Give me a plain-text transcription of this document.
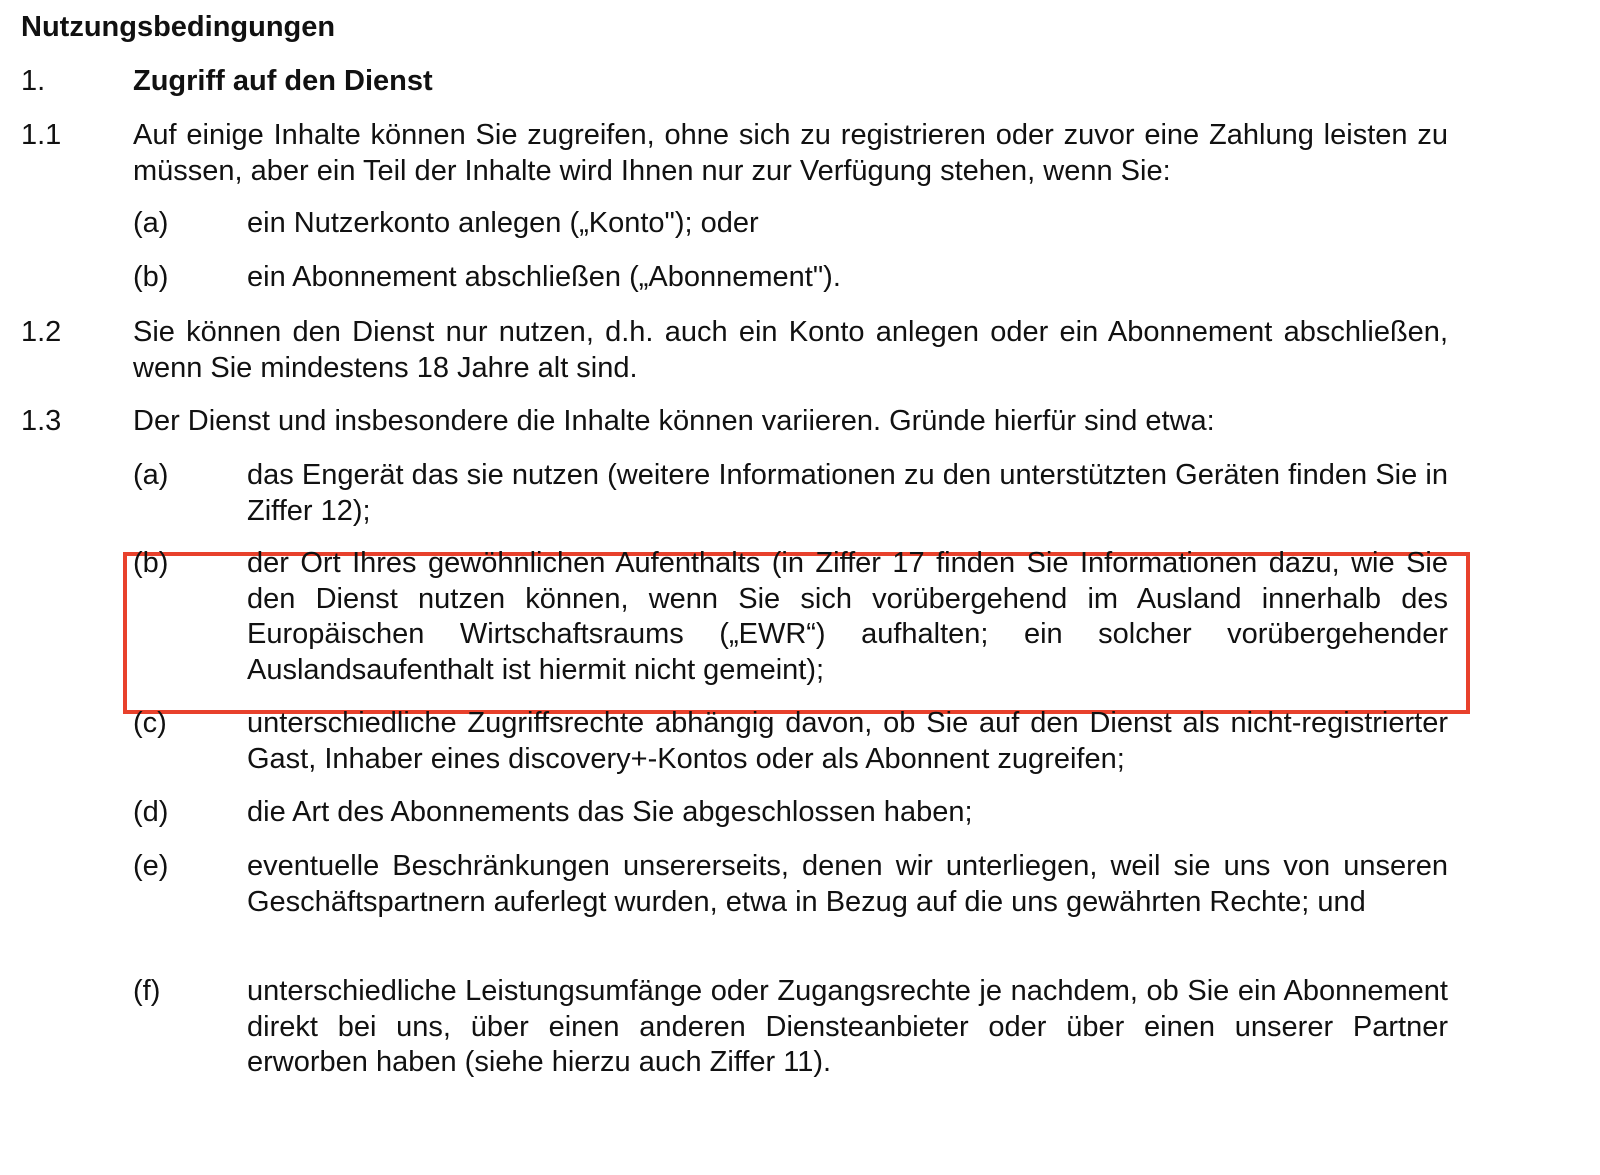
Nutzungsbedingungen
1.	Zugriff auf den Dienst
1.1 Auf einige Inhalte können Sie zugreifen, ohne sich zu registrieren oder zuvor eine Zahlung leisten zu müssen, aber ein Teil der Inhalte wird Ihnen nur zur Verfügung stehen, wenn Sie:
(a)	ein Nutzerkonto anlegen („Konto"); oder
(b)	ein Abonnement abschließen („Abonnement").
1.2 Sie können den Dienst nur nutzen, d.h. auch ein Konto anlegen oder ein Abonnement abschließen, wenn Sie mindestens 18 Jahre alt sind.
1.3 Der Dienst und insbesondere die Inhalte können variieren. Gründe hierfür sind etwa:
(a)	das Engerät das sie nutzen (weitere Informationen zu den unterstützten Geräten finden Sie in Ziffer 12);
(b)	der Ort Ihres gewöhnlichen Aufenthalts (in Ziffer 17 finden Sie Informationen dazu, wie Sie den Dienst nutzen können, wenn Sie sich vorübergehend im Ausland innerhalb des Europäischen Wirtschaftsraums („EWR“) aufhalten; ein solcher vorübergehender Auslandsaufenthalt ist hiermit nicht gemeint);
(c)	unterschiedliche Zugriffsrechte abhängig davon, ob Sie auf den Dienst als nicht-registrierter Gast, Inhaber eines discovery+-Kontos oder als Abonnent zugreifen;
(d)	die Art des Abonnements das Sie abgeschlossen haben;
(e)	eventuelle Beschränkungen unsererseits, denen wir unterliegen, weil sie uns von unseren Geschäftspartnern auferlegt wurden, etwa in Bezug auf die uns gewährten Rechte; und
(f)	unterschiedliche Leistungsumfänge oder Zugangsrechte je nachdem, ob Sie ein Abonnement direkt bei uns, über einen anderen Diensteanbieter oder über einen unserer Partner erworben haben (siehe hierzu auch Ziffer 11).
